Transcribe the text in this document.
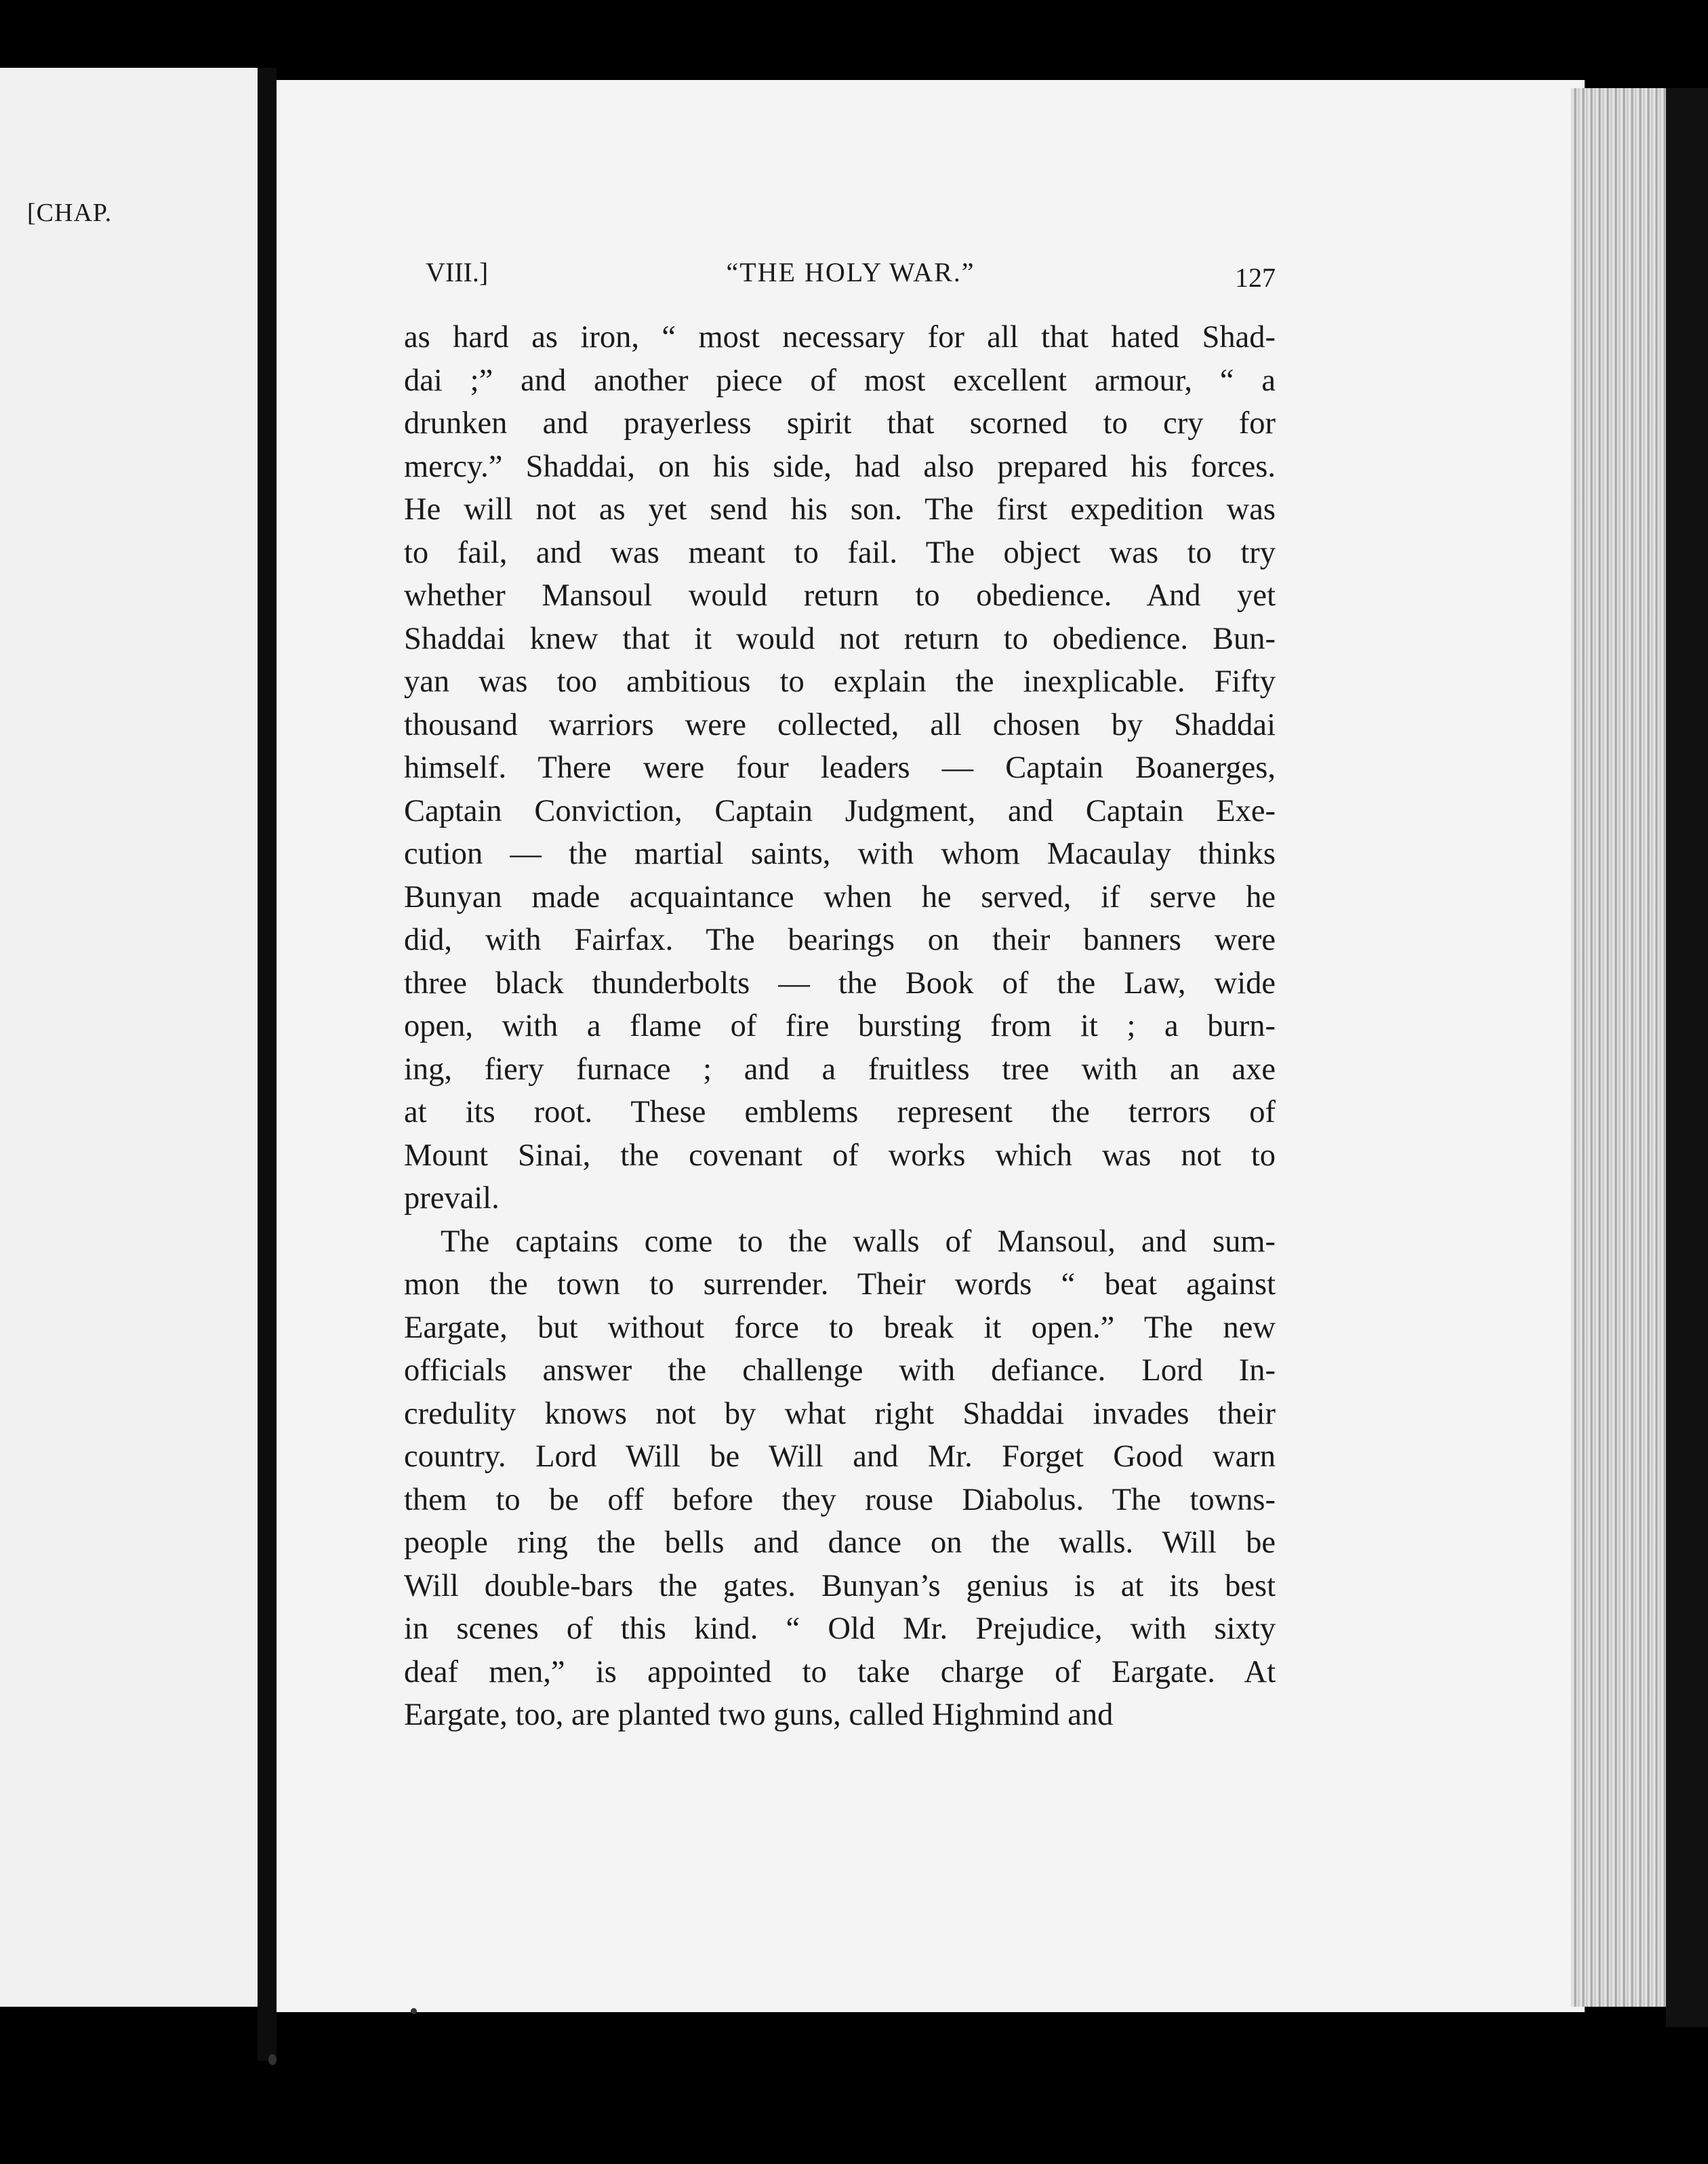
[CHAP.
VIII.]	“THE HOLY WAR.”	127
as hard as iron, “ most necessary for all that hated Shad-
dai ;” and another piece of most excellent armour, “ a
drunken and prayerless spirit that scorned to cry for
mercy.” Shaddai, on his side, had also prepared his forces.
He will not as yet send his son. The first expedition was
to fail, and was meant to fail. The object was to try
whether Mansoul would return to obedience. And yet
Shaddai knew that it would not return to obedience. Bun-
yan was too ambitious to explain the inexplicable. Fifty
thousand warriors were collected, all chosen by Shaddai
himself. There were four leaders — Captain Boanerges,
Captain Conviction, Captain Judgment, and Captain Exe-
cution — the martial saints, with whom Macaulay thinks
Bunyan made acquaintance when he served, if serve he
did, with Fairfax. The bearings on their banners were
three black thunderbolts — the Book of the Law, wide
open, with a flame of fire bursting from it ; a burn-
ing, fiery furnace ; and a fruitless tree with an axe
at its root. These emblems represent the terrors of
Mount Sinai, the covenant of works which was not to
prevail.
The captains come to the walls of Mansoul, and sum-
mon the town to surrender. Their words “ beat against
Eargate, but without force to break it open.” The new
officials answer the challenge with defiance. Lord In-
credulity knows not by what right Shaddai invades their
country. Lord Will be Will and Mr. Forget Good warn
them to be off before they rouse Diabolus. The towns-
people ring the bells and dance on the walls. Will be
Will double-bars the gates. Bunyan’s genius is at its best
in scenes of this kind. “ Old Mr. Prejudice, with sixty
deaf men,” is appointed to take charge of Eargate. At
Eargate, too, are planted two guns, called Highmind and
